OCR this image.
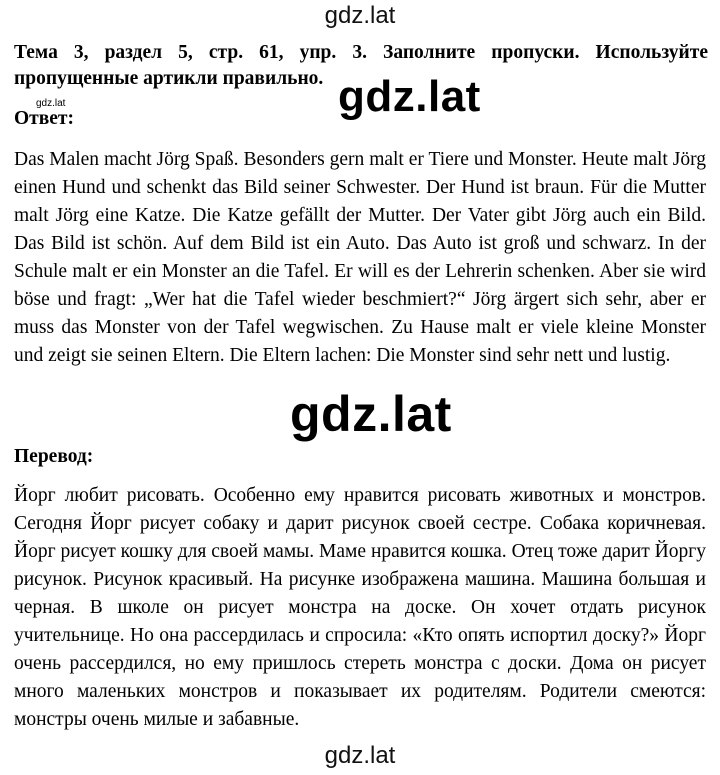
gdz.lat
Тема 3, раздел 5, стр. 61, упр. 3. Заполните пропуски. Используйте пропущенные артикли правильно. gdz.lat
gdz.lat
Ответ:
Das Malen macht Jörg Spaß. Besonders gern malt er Tiere und Monster. Heute malt Jörg einen Hund und schenkt das Bild seiner Schwester. Der Hund ist braun. Für die Mutter malt Jörg eine Katze. Die Katze gefällt der Mutter. Der Vater gibt Jörg auch ein Bild. Das Bild ist schön. Auf dem Bild ist ein Auto. Das Auto ist groß und schwarz. In der Schule malt er ein Monster an die Tafel. Er will es der Lehrerin schenken. Aber sie wird böse und fragt: „Wer hat die Tafel wieder beschmiert?“ Jörg ärgert sich sehr, aber er muss das Monster von der Tafel wegwischen. Zu Hause malt er viele kleine Monster und zeigt sie seinen Eltern. Die Eltern lachen: Die Monster sind sehr nett und lustig.
gdz.lat
Перевод:
Йорг любит рисовать. Особенно ему нравится рисовать животных и монстров. Сегодня Йорг рисует собаку и дарит рисунок своей сестре. Собака коричневая. Йорг рисует кошку для своей мамы. Маме нравится кошка. Отец тоже дарит Йоргу рисунок. Рисунок красивый. На рисунке изображена машина. Машина большая и черная. В школе он рисует монстра на доске. Он хочет отдать рисунок учительнице. Но она рассердилась и спросила: «Кто опять испортил доску?» Йорг очень рассердился, но ему пришлось стереть монстра с доски. Дома он рисует много маленьких монстров и показывает их родителям. Родители смеются: монстры очень милые и забавные.
gdz.lat
